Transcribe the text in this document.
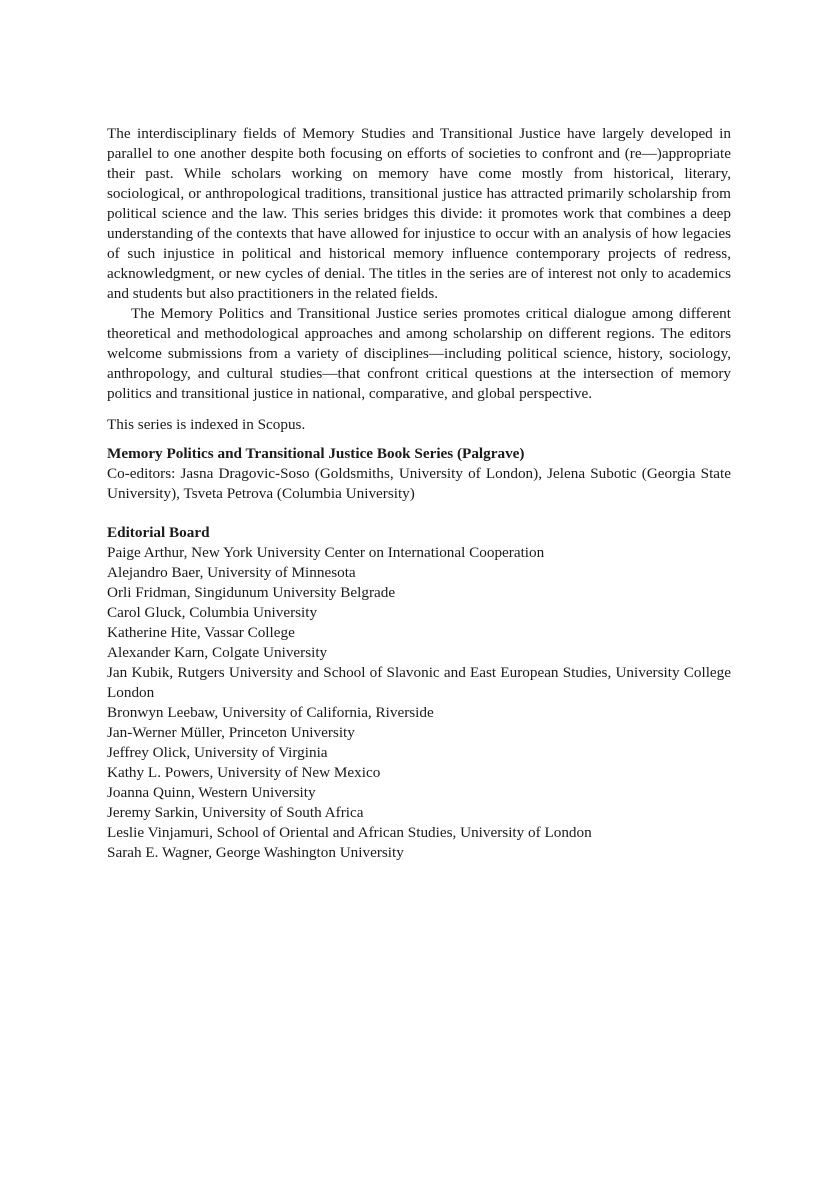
The interdisciplinary fields of Memory Studies and Transitional Justice have largely developed in parallel to one another despite both focusing on efforts of societies to confront and (re—)appropriate their past. While scholars working on memory have come mostly from historical, literary, sociological, or anthropological traditions, transitional justice has attracted primarily scholarship from political science and the law. This series bridges this divide: it promotes work that combines a deep understanding of the contexts that have allowed for injustice to occur with an analysis of how legacies of such injustice in political and historical memory influence contemporary projects of redress, acknowledgment, or new cycles of denial. The titles in the series are of interest not only to academics and students but also practitioners in the related fields.

The Memory Politics and Transitional Justice series promotes critical dialogue among different theoretical and methodological approaches and among scholarship on different regions. The editors welcome submissions from a variety of disciplines—including political science, history, sociology, anthropology, and cultural studies—that confront critical questions at the intersection of memory politics and transitional justice in national, comparative, and global perspective.

This series is indexed in Scopus.

Memory Politics and Transitional Justice Book Series (Palgrave)

Co-editors: Jasna Dragovic-Soso (Goldsmiths, University of London), Jelena Subotic (Georgia State University), Tsveta Petrova (Columbia University)

Editorial Board

Paige Arthur, New York University Center on International Cooperation
Alejandro Baer, University of Minnesota
Orli Fridman, Singidunum University Belgrade
Carol Gluck, Columbia University
Katherine Hite, Vassar College
Alexander Karn, Colgate University
Jan Kubik, Rutgers University and School of Slavonic and East European Studies, University College London
Bronwyn Leebaw, University of California, Riverside
Jan-Werner Müller, Princeton University
Jeffrey Olick, University of Virginia
Kathy L. Powers, University of New Mexico
Joanna Quinn, Western University
Jeremy Sarkin, University of South Africa
Leslie Vinjamuri, School of Oriental and African Studies, University of London
Sarah E. Wagner, George Washington University
